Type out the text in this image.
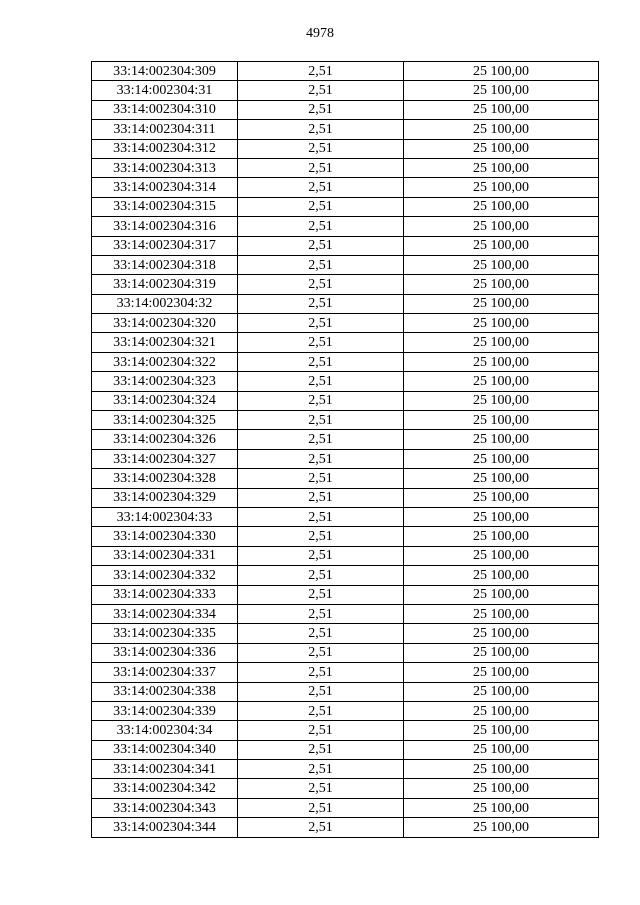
4978
33:14:002304:309	2,51	25 100,00
33:14:002304:31	2,51	25 100,00
33:14:002304:310	2,51	25 100,00
33:14:002304:311	2,51	25 100,00
33:14:002304:312	2,51	25 100,00
33:14:002304:313	2,51	25 100,00
33:14:002304:314	2,51	25 100,00
33:14:002304:315	2,51	25 100,00
33:14:002304:316	2,51	25 100,00
33:14:002304:317	2,51	25 100,00
33:14:002304:318	2,51	25 100,00
33:14:002304:319	2,51	25 100,00
33:14:002304:32	2,51	25 100,00
33:14:002304:320	2,51	25 100,00
33:14:002304:321	2,51	25 100,00
33:14:002304:322	2,51	25 100,00
33:14:002304:323	2,51	25 100,00
33:14:002304:324	2,51	25 100,00
33:14:002304:325	2,51	25 100,00
33:14:002304:326	2,51	25 100,00
33:14:002304:327	2,51	25 100,00
33:14:002304:328	2,51	25 100,00
33:14:002304:329	2,51	25 100,00
33:14:002304:33	2,51	25 100,00
33:14:002304:330	2,51	25 100,00
33:14:002304:331	2,51	25 100,00
33:14:002304:332	2,51	25 100,00
33:14:002304:333	2,51	25 100,00
33:14:002304:334	2,51	25 100,00
33:14:002304:335	2,51	25 100,00
33:14:002304:336	2,51	25 100,00
33:14:002304:337	2,51	25 100,00
33:14:002304:338	2,51	25 100,00
33:14:002304:339	2,51	25 100,00
33:14:002304:34	2,51	25 100,00
33:14:002304:340	2,51	25 100,00
33:14:002304:341	2,51	25 100,00
33:14:002304:342	2,51	25 100,00
33:14:002304:343	2,51	25 100,00
33:14:002304:344	2,51	25 100,00
